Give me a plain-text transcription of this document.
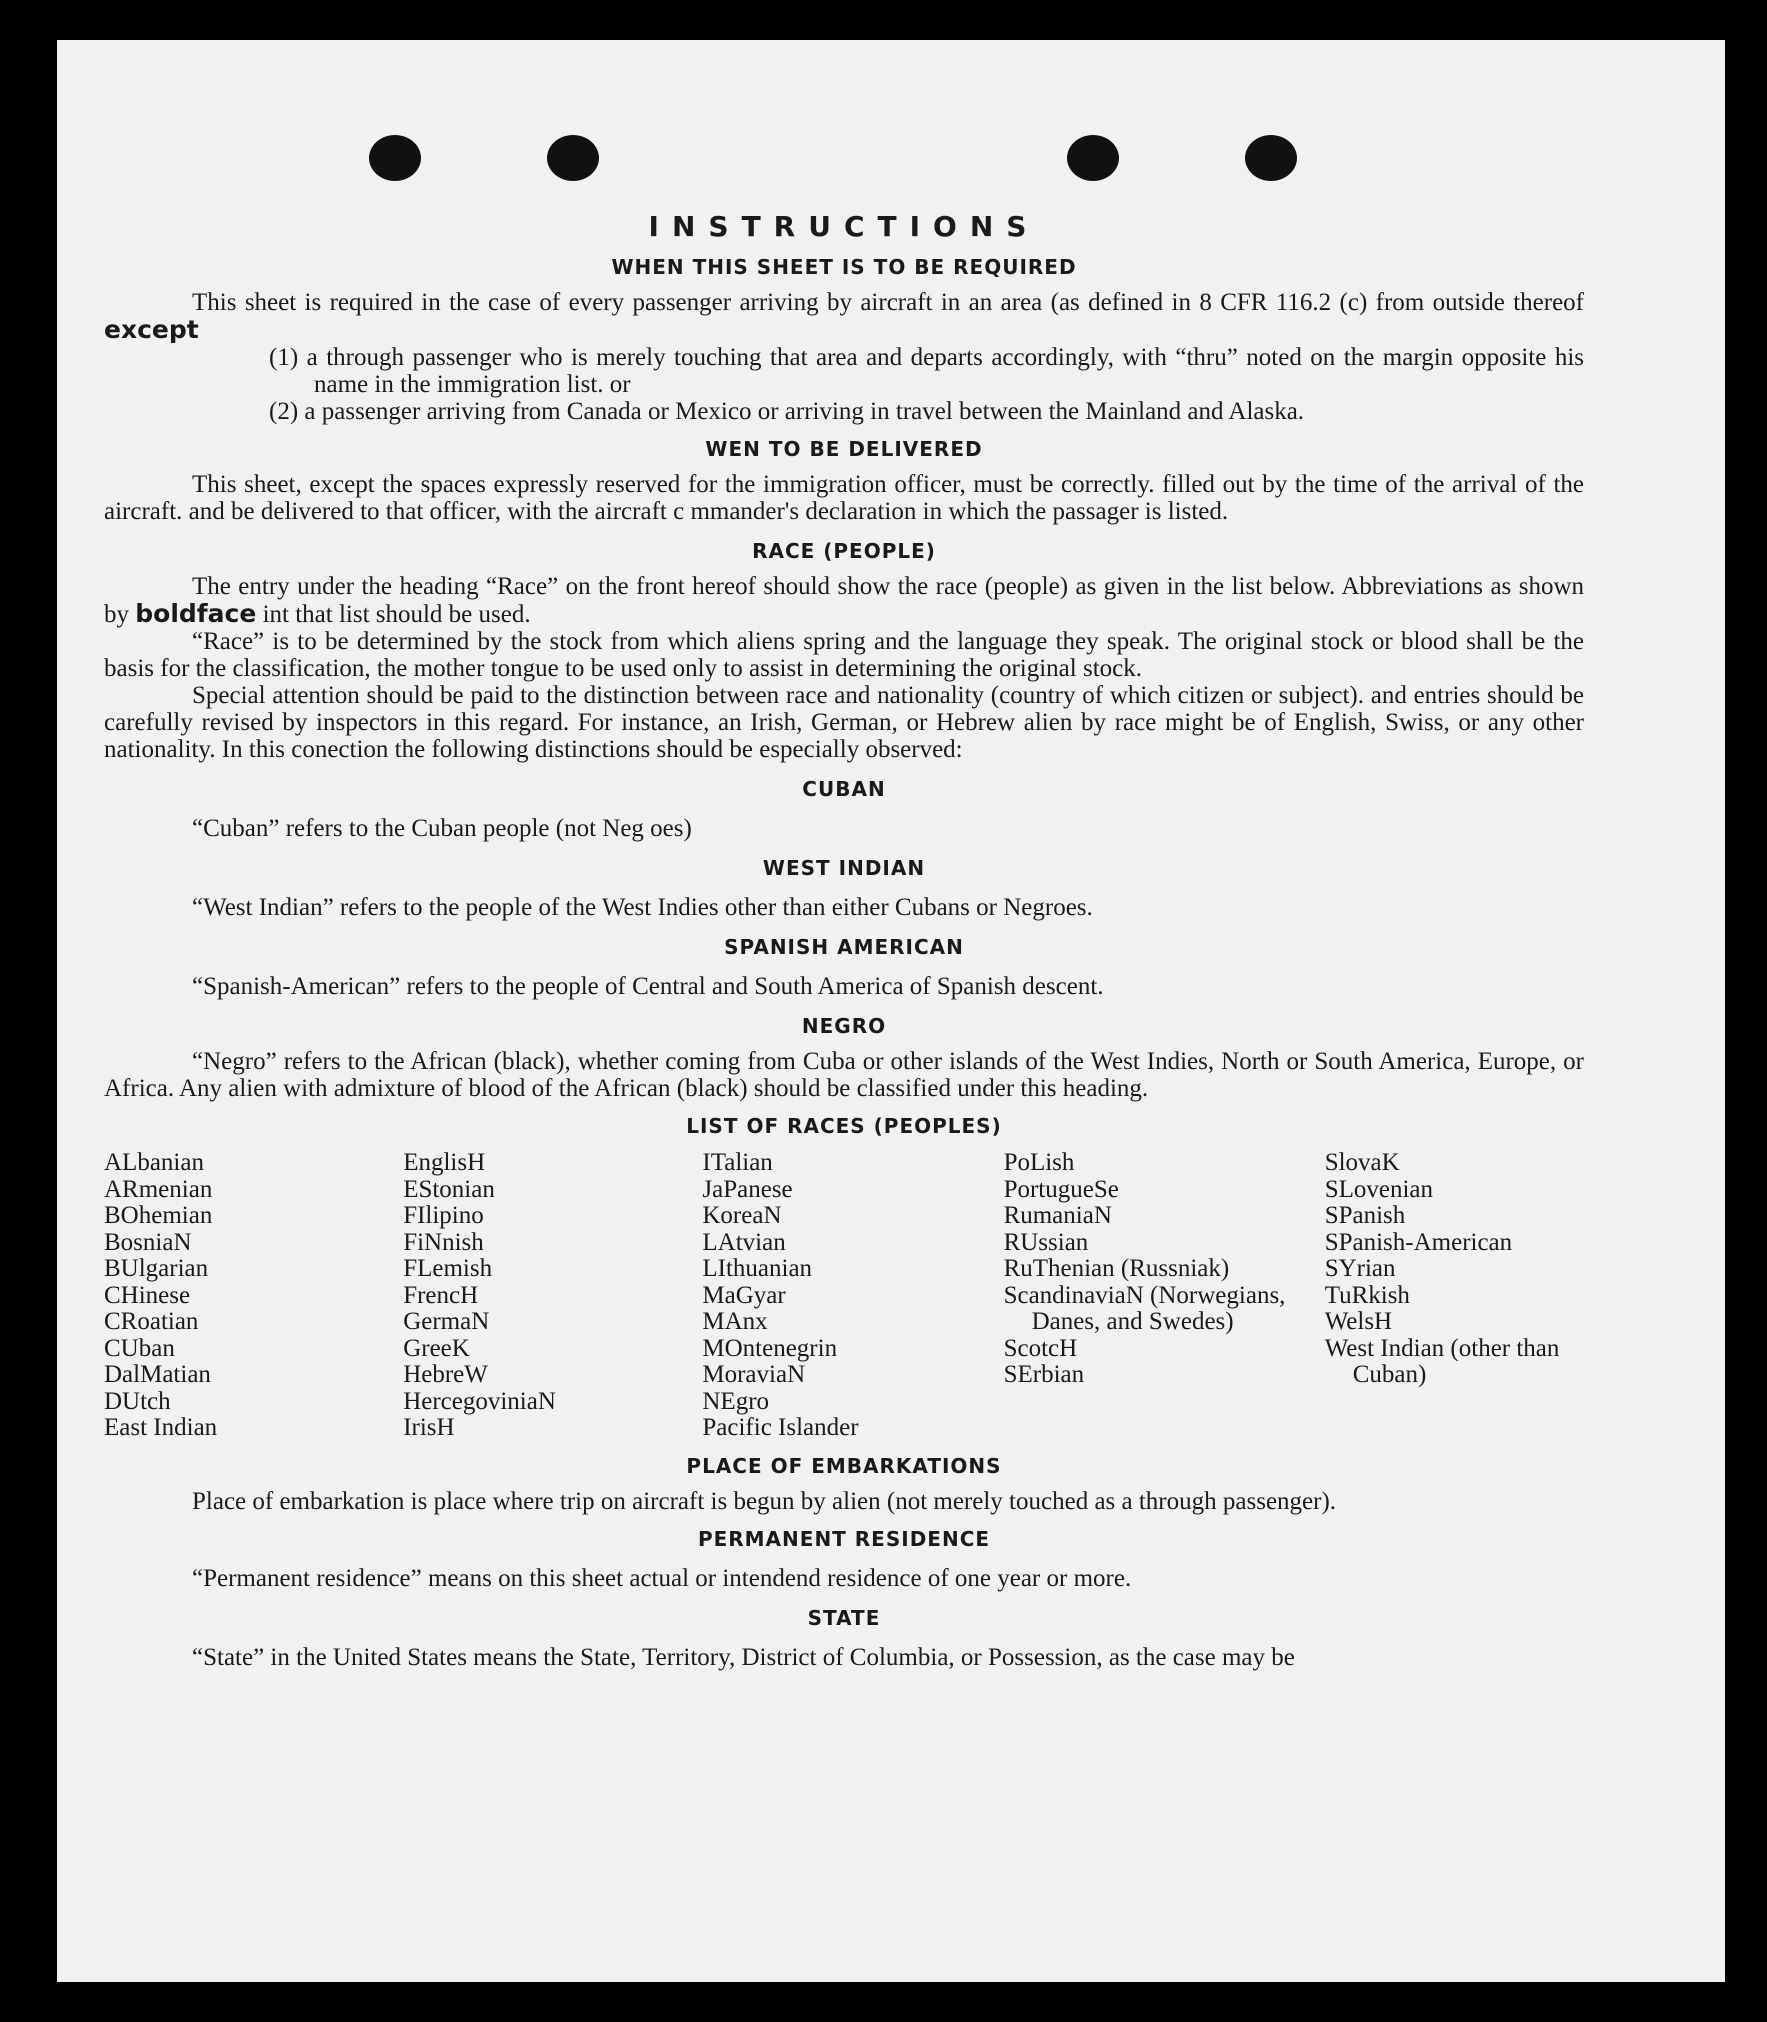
INSTRUCTIONS
WHEN THIS SHEET IS TO BE REQUIRED

This sheet is required in the case of every passenger arriving by aircraft in an area (as defined in 8 CFR 116.2 (c) from outside thereof except

(1) a through passenger who is merely touching that area and departs accordingly, with “thru” noted on the margin opposite his name in the immigration list. or

(2) a passenger arriving from Canada or Mexico or arriving in travel between the Mainland and Alaska.

WEN TO BE DELIVERED

This sheet, except the spaces expressly reserved for the immigration officer, must be correctly. filled out by the time of the arrival of the aircraft. and be delivered to that officer, with the aircraft c mmander's declaration in which the passager is listed.

RACE (PEOPLE)

The entry under the heading “Race” on the front hereof should show the race (people) as given in the list below. Abbreviations as shown by boldface int that list should be used.

“Race” is to be determined by the stock from which aliens spring and the language they speak. The original stock or blood shall be the basis for the classification, the mother tongue to be used only to assist in determining the original stock.

Special attention should be paid to the distinction between race and nationality (country of which citizen or subject). and entries should be carefully revised by inspectors in this regard. For instance, an Irish, German, or Hebrew alien by race might be of English, Swiss, or any other nationality. In this conection the following distinctions should be especially observed:

CUBAN

“Cuban” refers to the Cuban people (not Neg oes)

WEST INDIAN

“West Indian” refers to the people of the West Indies other than either Cubans or Negroes.

SPANISH AMERICAN

“Spanish-American” refers to the people of Central and South America of Spanish descent.

NEGRO

“Negro” refers to the African (black), whether coming from Cuba or other islands of the West Indies, North or South America, Europe, or Africa. Any alien with admixture of blood of the African (black) should be classified under this heading.

LIST OF RACES (PEOPLES)
ALbanian
ARmenian
BOhemian
BosniaN
BUlgarian
CHinese
CRoatian
CUban
DalMatian
DUtch
East Indian
EnglisH
EStonian
FIlipino
FiNnish
FLemish
FrencH
GermaN
GreeK
HebreW
HercegoviniaN
IrisH
ITalian
JaPanese
KoreaN
LAtvian
LIthuanian
MaGyar
MAnx
MOntenegrin
MoraviaN
NEgro
Pacific Islander
PoLish
PortugueSe
RumaniaN
RUssian
RuThenian (Russniak)
ScandinaviaN (Norwegians, Danes, and Swedes)
ScotcH
SErbian
SlovaK
SLovenian
SPanish
SPanish-American
SYrian
TuRkish
WelsH
West Indian (other than Cuban)
PLACE OF EMBARKATIONS

Place of embarkation is place where trip on aircraft is begun by alien (not merely touched as a through passenger).

PERMANENT RESIDENCE

“Permanent residence” means on this sheet actual or intendend residence of one year or more.

STATE

“State” in the United States means the State, Territory, District of Columbia, or Possession, as the case may be
